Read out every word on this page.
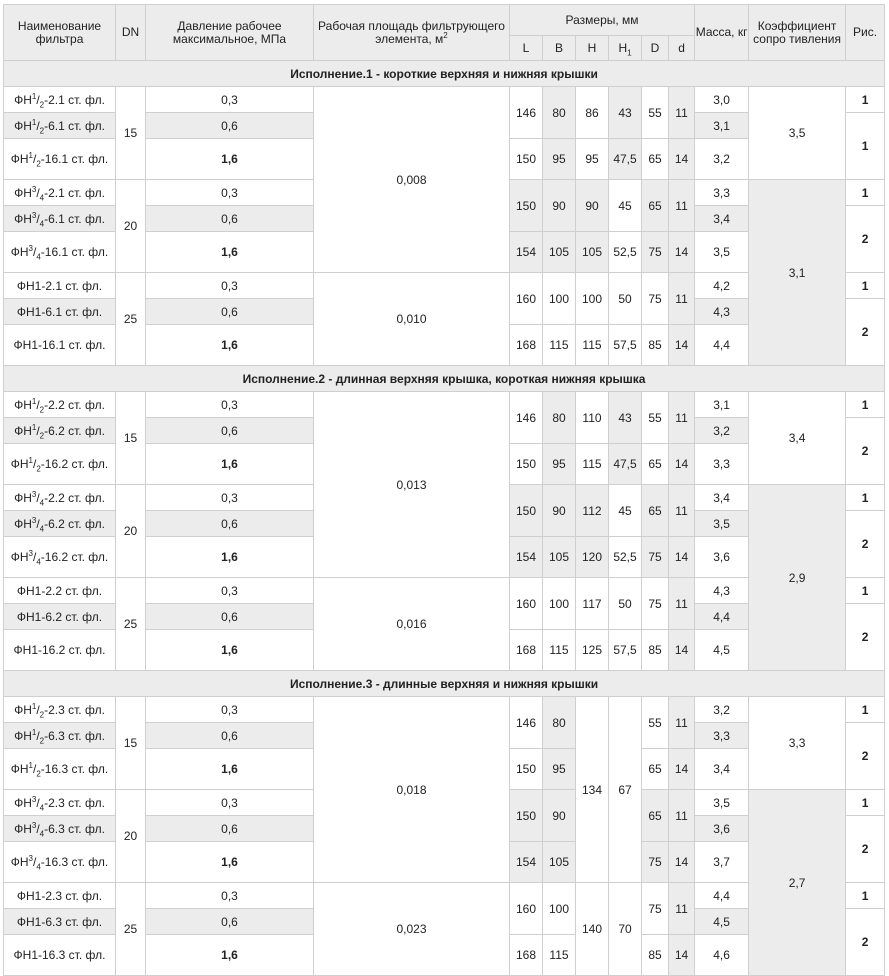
Наименование фильтра	DN	Давление рабочее максимальное, МПа	Рабочая площадь фильтрующего элемента, $м^2$	Размеры, мм						Масса, кг	Коэффициент сопро тивления	Рис.
				L	B	H	$H_1$	D	d			
Исполнение.1 - короткие верхняя и нижняя крышки												
$ФН^1/_2-2.1$ ст. фл.	15	0,3	0,008	146	80	86	43	55	11	3,0	3,5	1
$ФН^1/_2-6.1$ ст. фл.		0,6								3,1		1
$ФН^1/_2-16.1$ ст. фл.		1,6		150	95	95	47,5	65	14	3,2		
$ФН^3/_4-2.1$ ст. фл.	20	0,3		150	90	90	45	65	11	3,3	3,1	1
$ФН^3/_4-6.1$ ст. фл.		0,6								3,4		2
$ФН^3/_4-16.1$ ст. фл.		1,6		154	105	105	52,5	75	14	3,5		
ФН1-2.1 ст. фл.	25	0,3	0,010	160	100	100	50	75	11	4,2		1
ФН1-6.1 ст. фл.		0,6								4,3		2
ФН1-16.1 ст. фл.		1,6		168	115	115	57,5	85	14	4,4		
Исполнение.2 - длинная верхняя крышка, короткая нижняя крышка												
$ФН^1/_2-2.2$ ст. фл.	15	0,3	0,013	146	80	110	43	55	11	3,1	3,4	1
$ФН^1/_2-6.2$ ст. фл.		0,6								3,2		2
$ФН^1/_2-16.2$ ст. фл.		1,6		150	95	115	47,5	65	14	3,3		
$ФН^3/_4-2.2$ ст. фл.	20	0,3		150	90	112	45	65	11	3,4	2,9	1
$ФН^3/_4-6.2$ ст. фл.		0,6								3,5		2
$ФН^3/_4-16.2$ ст. фл.		1,6		154	105	120	52,5	75	14	3,6		
ФН1-2.2 ст. фл.	25	0,3	0,016	160	100	117	50	75	11	4,3		1
ФН1-6.2 ст. фл.		0,6								4,4		2
ФН1-16.2 ст. фл.		1,6		168	115	125	57,5	85	14	4,5		
Исполнение.3 - длинные верхняя и нижняя крышки												
$ФН^1/_2-2.3$ ст. фл.	15	0,3	0,018	146	80	134	67	55	11	3,2	3,3	1
$ФН^1/_2-6.3$ ст. фл.		0,6								3,3		2
$ФН^1/_2-16.3$ ст. фл.		1,6		150	95			65	14	3,4		
$ФН^3/_4-2.3$ ст. фл.	20	0,3		150	90			65	11	3,5	2,7	1
$ФН^3/_4-6.3$ ст. фл.		0,6								3,6		2
$ФН^3/_4-16.3$ ст. фл.		1,6		154	105			75	14	3,7		
ФН1-2.3 ст. фл.	25	0,3	0,023	160	100	140	70	75	11	4,4		1
ФН1-6.3 ст. фл.		0,6								4,5		2
ФН1-16.3 ст. фл.		1,6		168	115			85	14	4,6		
